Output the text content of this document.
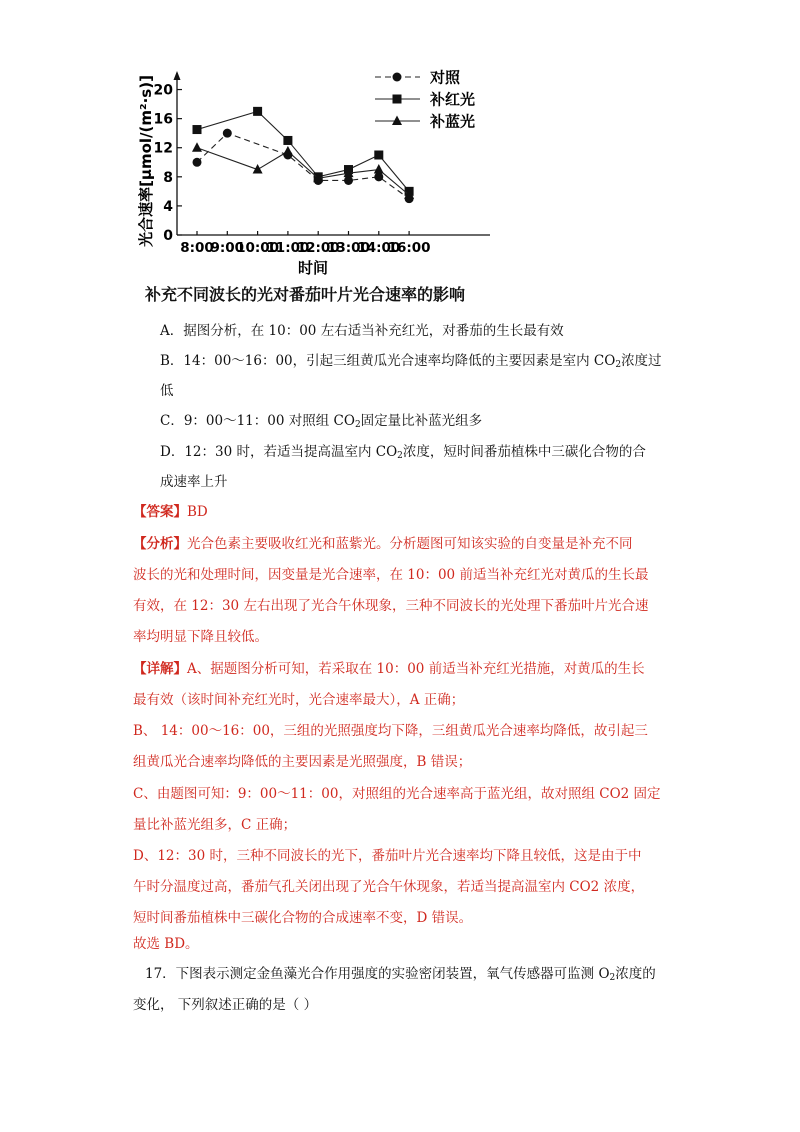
0
4
8
12
16
20
8:00
9:00
10:00
11:00
12:00
13:00
14:00
16:00
对照
补红光
补蓝光
光合速率[μmol/(m²·s)]
时间
补充不同波长的光对番茄叶片光合速率的影响
A．据图分析，在 10：00 左右适当补充红光，对番茄的生长最有效
B．14：00～16：00，引起三组黄瓜光合速率均降低的主要因素是室内 $CO_2$浓度过
低
C．9：00～11：00 对照组 $CO_2$固定量比补蓝光组多
D．12：30 时，若适当提高温室内 $CO_2$浓度，短时间番茄植株中三碳化合物的合
成速率上升
【答案】BD
【分析】光合色素主要吸收红光和蓝紫光。分析题图可知该实验的自变量是补充不同
波长的光和处理时间，因变量是光合速率，在 10：00 前适当补充红光对黄瓜的生长最
有效，在 12：30 左右出现了光合午休现象，三种不同波长的光处理下番茄叶片光合速
率均明显下降且较低。
【详解】A、据题图分析可知，若采取在 10：00 前适当补充红光措施，对黄瓜的生长
最有效（该时间补充红光时，光合速率最大），A 正确；
B、 14：00～16：00，三组的光照强度均下降，三组黄瓜光合速率均降低，故引起三
组黄瓜光合速率均降低的主要因素是光照强度，B 错误；
C、由题图可知：9：00～11：00，对照组的光合速率高于蓝光组，故对照组 CO2 固定
量比补蓝光组多，C 正确；
D、12：30 时，三种不同波长的光下，番茄叶片光合速率均下降且较低，这是由于中
午时分温度过高，番茄气孔关闭出现了光合午休现象，若适当提高温室内 CO2 浓度，
短时间番茄植株中三碳化合物的合成速率不变，D 错误。
故选 BD。
17．下图表示测定金鱼藻光合作用强度的实验密闭装置，氧气传感器可监测 $O_2$浓度的
变化， 下列叙述正确的是（ ）
